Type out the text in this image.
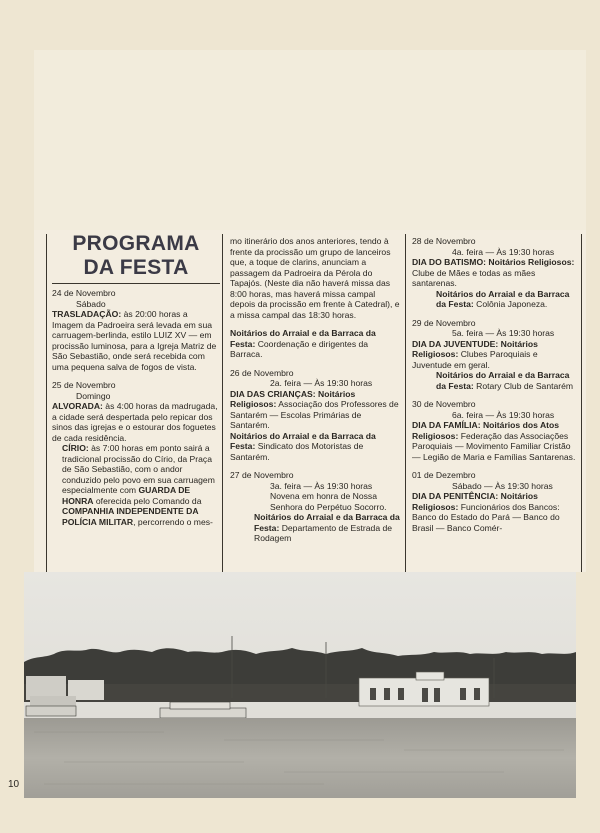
PROGRAMA

DA FESTA

24 de Novembro

Sábado

TRASLADAÇÃO: às 20:00 horas a Imagem da Padroeira será levada em sua carruagem-berlinda, estilo LUIZ XV — em procissão luminosa, para a Igreja Matriz de São Sebastião, onde será recebida com uma pequena salva de fogos de vista.

25 de Novembro

Domingo

ALVORADA: às 4:00 horas da madrugada, a cidade será despertada pelo repicar dos sinos das igrejas e o estourar dos foguetes de cada residência.

CÍRIO: às 7:00 horas em ponto sairá a tradicional procissão do Círio, da Praça de São Sebastião, com o andor conduzido pelo povo em sua carruagem especialmente com GUARDA DE HONRA oferecida pelo Comando da COMPANHIA INDEPENDENTE DA POLÍCIA MILITAR, percorrendo o mes-

mo itinerário dos anos anteriores, tendo à frente da procissão um grupo de lanceiros que, a toque de clarins, anunciam a passagem da Padroeira da Pérola do Tapajós. (Neste dia não haverá missa das 8:00 horas, mas haverá missa campal depois da procissão em frente à Catedral), e a missa campal das 18:30 horas.

Noitários do Arraial e da Barraca da Festa: Coordenação e dirigentes da Barraca.

26 de Novembro

2a. feira — Às 19:30 horas

DIA DAS CRIANÇAS: Noitários Religiosos: Associação dos Professores de Santarém — Escolas Primárias de Santarém.

Noitários do Arraial e da Barraca da Festa: Sindicato dos Motoristas de Santarém.

27 de Novembro

3a. feira — Às 19:30 horas

Novena em honra de Nossa Senhora do Perpétuo Socorro.

Noitários do Arraial e da Barraca da Festa: Departamento de Estrada de Rodagem

28 de Novembro

4a. feira — Às 19:30 horas

DIA DO BATISMO: Noitários Religiosos: Clube de Mães e todas as mães santarenas.

Noitários do Arraial e da Barraca da Festa: Colônia Japoneza.

29 de Novembro

5a. feira — Às 19:30 horas

DIA DA JUVENTUDE: Noitários Religiosos: Clubes Paroquiais e Juventude em geral.

Noitários do Arraial e da Barraca da Festa: Rotary Club de Santarém

30 de Novembro

6a. feira — Às 19:30 horas

DIA DA FAMÍLIA: Noitários dos Atos Religiosos: Federação das Associações Paroquiais — Movimento Familiar Cristão — Legião de Maria e Famílias Santarenas.

01 de Dezembro

Sábado — Às 19:30 horas

DIA DA PENITÊNCIA: Noitários Religiosos: Funcionários dos Bancos: Banco do Estado do Pará — Banco do Brasil — Banco Comér-

10
